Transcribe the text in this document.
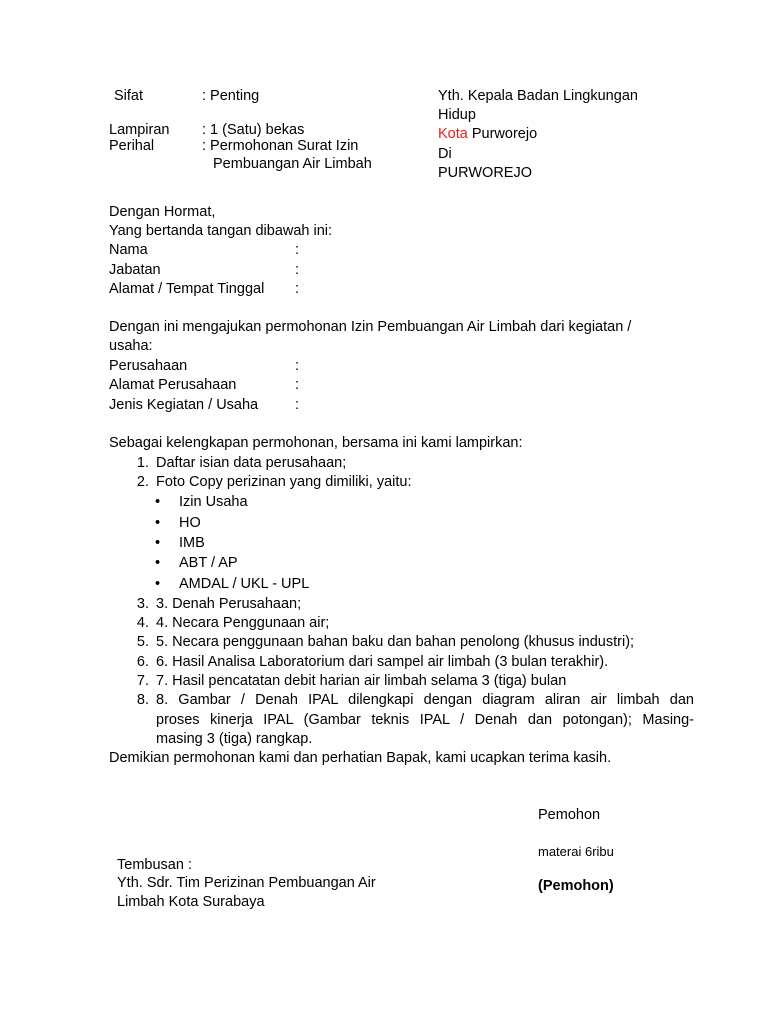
Sifat	: Penting
Lampiran : 1 (Satu) bekas
Perihal	: Permohonan Surat Izin
Pembuangan Air Limbah
Yth. Kepala Badan Lingkungan
Hidup
Kota Purworejo
Di
PURWOREJO
Dengan Hormat,
Yang bertanda tangan dibawah ini:
Nama	:
Jabatan	:
Alamat / Tempat Tinggal :
Dengan ini mengajukan permohonan Izin Pembuangan Air Limbah dari kegiatan /
usaha:
Perusahaan	:
Alamat Perusahaan	:
Jenis Kegiatan / Usaha	:
Sebagai kelengkapan permohonan, bersama ini kami lampirkan:
1. Daftar isian data perusahaan;
2. Foto Copy perizinan yang dimiliki, yaitu:
• Izin Usaha
• HO
• IMB
• ABT / AP
• AMDAL / UKL - UPL
3. 3. Denah Perusahaan;
4. 4. Necara Penggunaan air;
5. 5. Necara penggunaan bahan baku dan bahan penolong (khusus industri);
6. 6. Hasil Analisa Laboratorium dari sampel air limbah (3 bulan terakhir).
7. 7. Hasil pencatatan debit harian air limbah selama 3 (tiga) bulan
8. 8. Gambar / Denah IPAL dilengkapi dengan diagram aliran air limbah dan
proses kinerja IPAL (Gambar teknis IPAL / Denah dan potongan); Masing-
masing 3 (tiga) rangkap.
Demikian permohonan kami dan perhatian Bapak, kami ucapkan terima kasih.
Pemohon
materai 6ribu
(Pemohon)
Tembusan :
Yth. Sdr. Tim Perizinan Pembuangan Air
Limbah Kota Surabaya
